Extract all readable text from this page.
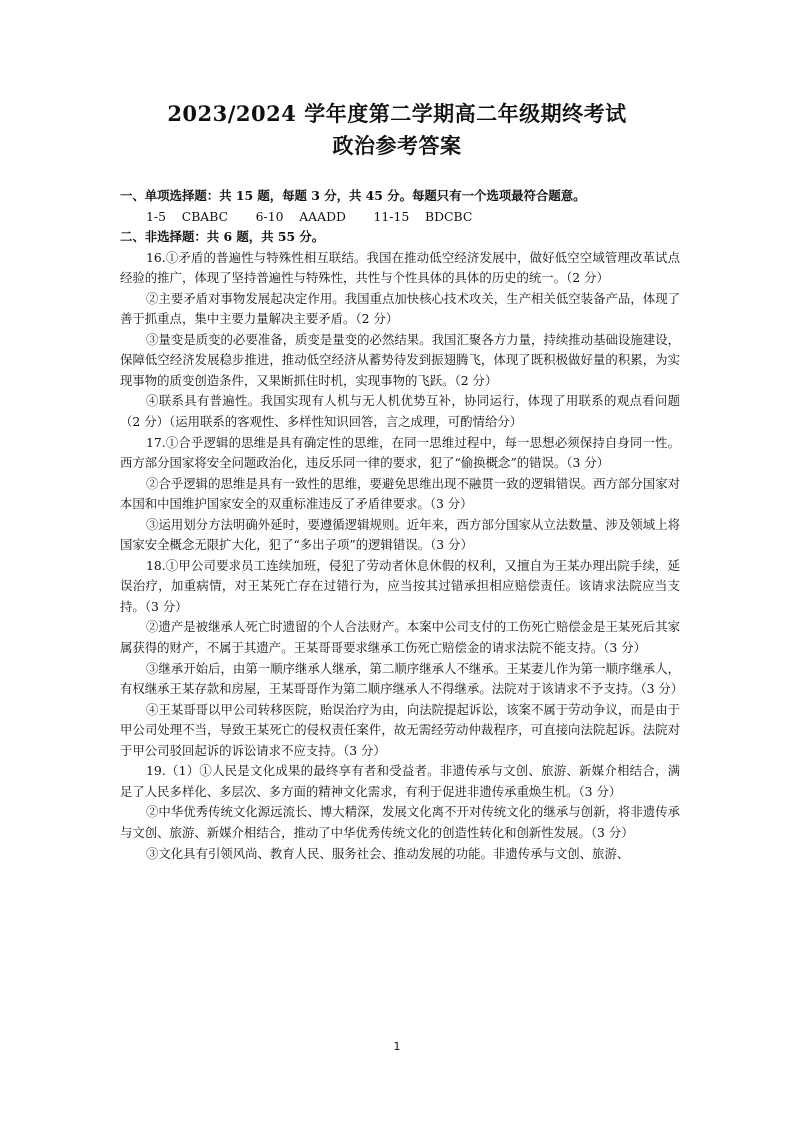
2023/2024 学年度第二学期高二年级期终考试
政治参考答案

一、单项选择题：共 15 题，每题 3 分，共 45 分。每题只有一个选项最符合题意。

1-5    CBABC       6-10    AAADD       11-15    BDCBC

二、非选择题：共 6 题，共 55 分。

16.①矛盾的普遍性与特殊性相互联结。我国在推动低空经济发展中，做好低空空域管理改革试点经验的推广，体现了坚持普遍性与特殊性，共性与个性具体的具体的历史的统一。（2 分）

②主要矛盾对事物发展起决定作用。我国重点加快核心技术攻关，生产相关低空装备产品，体现了善于抓重点，集中主要力量解决主要矛盾。（2 分）

③量变是质变的必要准备，质变是量变的必然结果。我国汇聚各方力量，持续推动基础设施建设，保障低空经济发展稳步推进，推动低空经济从蓄势待发到振翅腾飞，体现了既积极做好量的积累，为实现事物的质变创造条件，又果断抓住时机，实现事物的飞跃。（2 分）

④联系具有普遍性。我国实现有人机与无人机优势互补，协同运行，体现了用联系的观点看问题（2 分）（运用联系的客观性、多样性知识回答，言之成理，可酌情给分）

17.①合乎逻辑的思维是具有确定性的思维，在同一思维过程中，每一思想必须保持自身同一性。西方部分国家将安全问题政治化，违反乐同一律的要求，犯了“偷换概念”的错误。（3 分）

②合乎逻辑的思维是具有一致性的思维，要避免思维出现不融贯一致的逻辑错误。西方部分国家对本国和中国维护国家安全的双重标准违反了矛盾律要求。（3 分）

③运用划分方法明确外延时，要遵循逻辑规则。近年来，西方部分国家从立法数量、涉及领域上将国家安全概念无限扩大化，犯了“多出子项”的逻辑错误。（3 分）

18.①甲公司要求员工连续加班，侵犯了劳动者休息休假的权利，又擅自为王某办理出院手续，延误治疗，加重病情，对王某死亡存在过错行为，应当按其过错承担相应赔偿责任。该请求法院应当支持。（3 分）

②遗产是被继承人死亡时遗留的个人合法财产。本案中公司支付的工伤死亡赔偿金是王某死后其家属获得的财产，不属于其遗产。王某哥哥要求继承工伤死亡赔偿金的请求法院不能支持。（3 分）

③继承开始后，由第一顺序继承人继承，第二顺序继承人不继承。王某妻儿作为第一顺序继承人，有权继承王某存款和房屋，王某哥哥作为第二顺序继承人不得继承。法院对于该请求不予支持。（3 分）

④王某哥哥以甲公司转移医院，贻误治疗为由，向法院提起诉讼，该案不属于劳动争议，而是由于甲公司处理不当，导致王某死亡的侵权责任案件，故无需经劳动仲裁程序，可直接向法院起诉。法院对于甲公司驳回起诉的诉讼请求不应支持。（3 分）

19.（1）①人民是文化成果的最终享有者和受益者。非遗传承与文创、旅游、新媒介相结合，满足了人民多样化、多层次、多方面的精神文化需求，有利于促进非遗传承重焕生机。（3 分）

②中华优秀传统文化源远流长、博大精深，发展文化离不开对传统文化的继承与创新，将非遗传承与文创、旅游、新媒介相结合，推动了中华优秀传统文化的创造性转化和创新性发展。（3 分）

③文化具有引领风尚、教育人民、服务社会、推动发展的功能。非遗传承与文创、旅游、

1
